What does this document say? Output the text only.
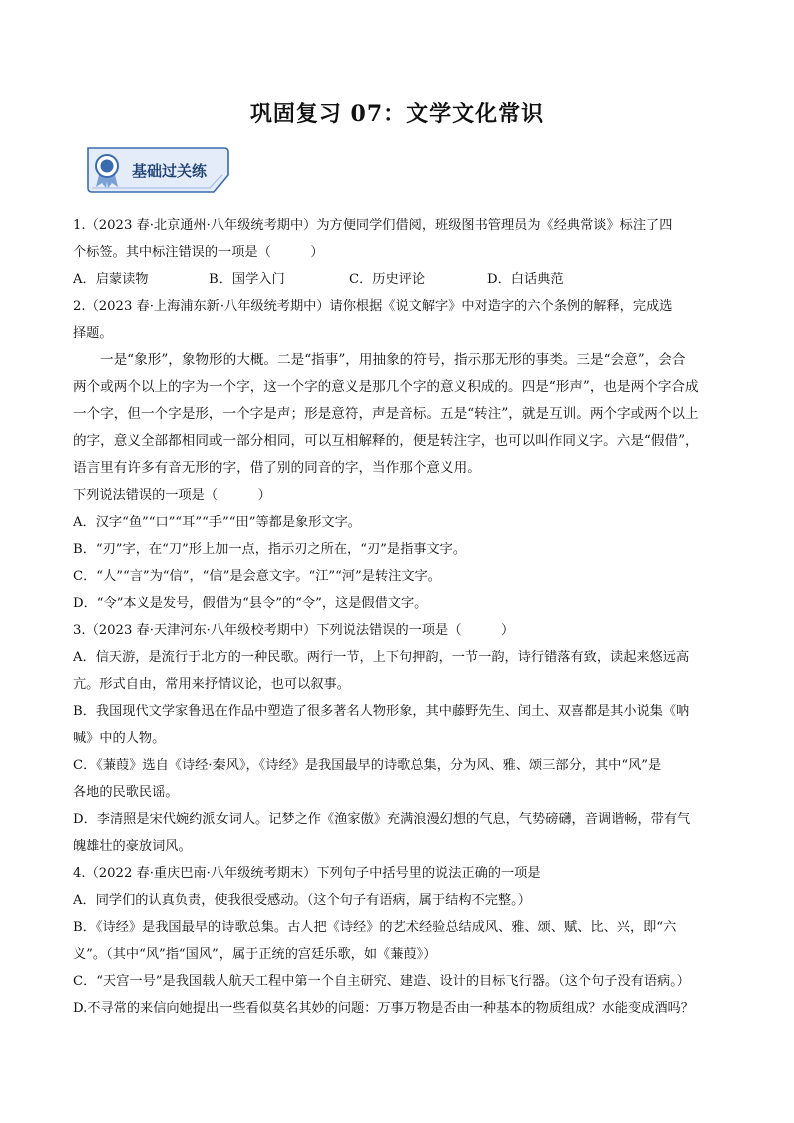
巩固复习 07：文学文化常识
基础过关练

1.（2023 春·北京通州·八年级统考期中）为方便同学们借阅，班级图书管理员为《经典常谈》标注了四

个标签。其中标注错误的一项是（　　　）

A．启蒙读物	B．国学入门	C．历史评论	D．白话典范

2.（2023 春·上海浦东新·八年级统考期中）请你根据《说文解字》中对造字的六个条例的解释，完成选

择题。

一是“象形”，象物形的大概。二是“指事”，用抽象的符号，指示那无形的事类。三是“会意”，会合

两个或两个以上的字为一个字，这一个字的意义是那几个字的意义积成的。四是“形声”，也是两个字合成

一个字，但一个字是形，一个字是声；形是意符，声是音标。五是“转注”，就是互训。两个字或两个以上

的字，意义全部都相同或一部分相同，可以互相解释的，便是转注字，也可以叫作同义字。六是“假借”，

语言里有许多有音无形的字，借了别的同音的字，当作那个意义用。

下列说法错误的一项是（　　　）

A．汉字“鱼”“口”“耳”“手”“田”等都是象形文字。

B．“刃”字，在“刀”形上加一点，指示刃之所在，“刃”是指事文字。

C．“人”“言”为“信”，“信”是会意文字。“江”“河”是转注文字。

D．“令”本义是发号，假借为“县令”的“令”，这是假借文字。

3.（2023 春·天津河东·八年级校考期中）下列说法错误的一项是（　　　）

A．信天游，是流行于北方的一种民歌。两行一节，上下句押韵，一节一韵，诗行错落有致，读起来悠远高

亢。形式自由，常用来抒情议论，也可以叙事。

B．我国现代文学家鲁迅在作品中塑造了很多著名人物形象，其中藤野先生、闰土、双喜都是其小说集《呐

喊》中的人物。

C．《蒹葭》选自《诗经·秦风》，《诗经》是我国最早的诗歌总集，分为风、雅、颂三部分，其中“风”是

各地的民歌民谣。

D．李清照是宋代婉约派女词人。记梦之作《渔家傲》充满浪漫幻想的气息，气势磅礴，音调谐畅，带有气

魄雄壮的豪放词风。

4.（2022 春·重庆巴南·八年级统考期末）下列句子中括号里的说法正确的一项是

A．同学们的认真负责，使我很受感动。（这个句子有语病，属于结构不完整。）

B．《诗经》是我国最早的诗歌总集。古人把《诗经》的艺术经验总结成风、雅、颂、赋、比、兴，即“六

义”。（其中“风”指“国风”，属于正统的宫廷乐歌，如《蒹葭》）

C．“天宫一号”是我国载人航天工程中第一个自主研究、建造、设计的目标飞行器。（这个句子没有语病。）

D.不寻常的来信向她提出一些看似莫名其妙的问题：万事万物是否由一种基本的物质组成？水能变成酒吗？
